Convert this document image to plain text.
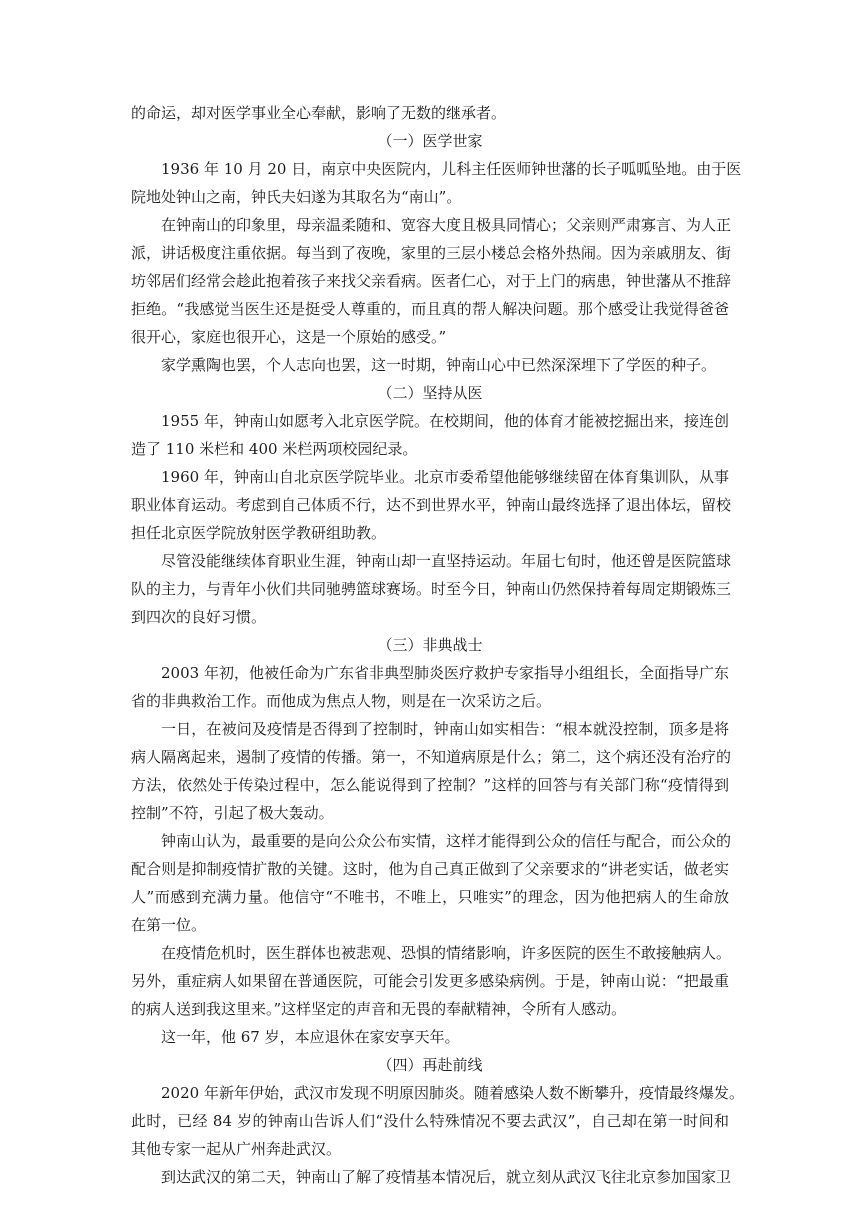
的命运，却对医学事业全心奉献，影响了无数的继承者。
（一）医学世家
1936 年 10 月 20 日，南京中央医院内，儿科主任医师钟世藩的长子呱呱坠地。由于医
院地处钟山之南，钟氏夫妇遂为其取名为“南山”。
在钟南山的印象里，母亲温柔随和、宽容大度且极具同情心；父亲则严肃寡言、为人正
派，讲话极度注重依据。每当到了夜晚，家里的三层小楼总会格外热闹。因为亲戚朋友、街
坊邻居们经常会趁此抱着孩子来找父亲看病。医者仁心，对于上门的病患，钟世藩从不推辞
拒绝。“我感觉当医生还是挺受人尊重的，而且真的帮人解决问题。那个感受让我觉得爸爸
很开心，家庭也很开心，这是一个原始的感受。”
家学熏陶也罢，个人志向也罢，这一时期，钟南山心中已然深深埋下了学医的种子。
（二）坚持从医
1955 年，钟南山如愿考入北京医学院。在校期间，他的体育才能被挖掘出来，接连创
造了 110 米栏和 400 米栏两项校园纪录。
1960 年，钟南山自北京医学院毕业。北京市委希望他能够继续留在体育集训队，从事
职业体育运动。考虑到自己体质不行，达不到世界水平，钟南山最终选择了退出体坛，留校
担任北京医学院放射医学教研组助教。
尽管没能继续体育职业生涯，钟南山却一直坚持运动。年届七旬时，他还曾是医院篮球
队的主力，与青年小伙们共同驰骋篮球赛场。时至今日，钟南山仍然保持着每周定期锻炼三
到四次的良好习惯。
（三）非典战士
2003 年初，他被任命为广东省非典型肺炎医疗救护专家指导小组组长，全面指导广东
省的非典救治工作。而他成为焦点人物，则是在一次采访之后。
一日，在被问及疫情是否得到了控制时，钟南山如实相告：“根本就没控制，顶多是将
病人隔离起来，遏制了疫情的传播。第一，不知道病原是什么；第二，这个病还没有治疗的
方法，依然处于传染过程中，怎么能说得到了控制？”这样的回答与有关部门称“疫情得到
控制”不符，引起了极大轰动。
钟南山认为，最重要的是向公众公布实情，这样才能得到公众的信任与配合，而公众的
配合则是抑制疫情扩散的关键。这时，他为自己真正做到了父亲要求的“讲老实话，做老实
人”而感到充满力量。他信守“不唯书，不唯上，只唯实”的理念，因为他把病人的生命放
在第一位。
在疫情危机时，医生群体也被悲观、恐惧的情绪影响，许多医院的医生不敢接触病人。
另外，重症病人如果留在普通医院，可能会引发更多感染病例。于是，钟南山说：“把最重
的病人送到我这里来。”这样坚定的声音和无畏的奉献精神，令所有人感动。
这一年，他 67 岁，本应退休在家安享天年。
（四）再赴前线
2020 年新年伊始，武汉市发现不明原因肺炎。随着感染人数不断攀升，疫情最终爆发。
此时，已经 84 岁的钟南山告诉人们“没什么特殊情况不要去武汉”，自己却在第一时间和
其他专家一起从广州奔赴武汉。
到达武汉的第二天，钟南山了解了疫情基本情况后，就立刻从武汉飞往北京参加国家卫
